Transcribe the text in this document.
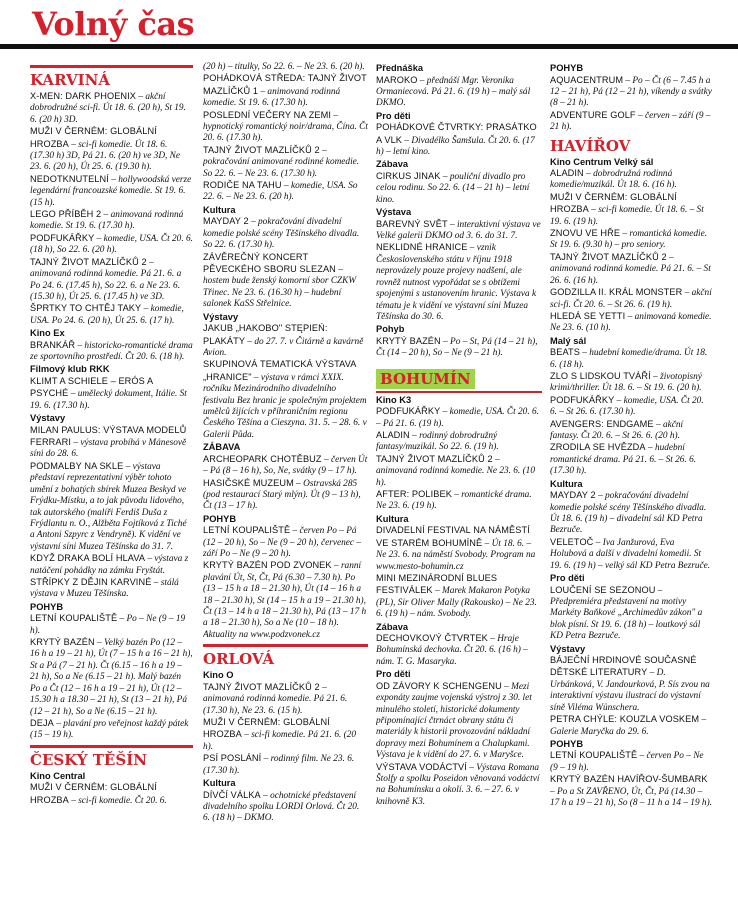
Volný čas
KARVINÁ

X-MEN: DARK PHOENIX – akční dobrodružné sci-fi. Út 18. 6. (20 h), St 19. 6. (20 h) 3D.

MUŽI V ČERNÉM: GLOBÁLNÍ HROZBA – sci-fi komedie. Út 18. 6. (17.30 h) 3D, Pá 21. 6. (20 h) ve 3D, Ne 23. 6. (20 h), Út 25. 6. (19.30 h).

NEDOTKNUTELNÍ – hollywoodská verze legendární francouzské komedie. St 19. 6. (15 h).

LEGO PŘÍBĚH 2 – animovaná rodinná komedie. St 19. 6. (17.30 h).

PODFUKÁŘKY – komedie, USA. Čt 20. 6. (18 h), So 22. 6. (20 h).

TAJNÝ ŽIVOT MAZLÍČKŮ 2 – animovaná rodinná komedie. Pá 21. 6. a Po 24. 6. (17.45 h), So 22. 6. a Ne 23. 6. (15.30 h), Út 25. 6. (17.45 h) ve 3D.

ŠPRTKY TO CHTĚJ TAKY – komedie, USA. Po 24. 6. (20 h), Út 25. 6. (17 h).

Kino Ex

BRANKÁŘ – historicko-romantické drama ze sportovního prostředí. Čt 20. 6. (18 h).

Filmový klub RKK

KLIMT A SCHIELE – ERÓS A PSYCHÉ – umělecký dokument, Itálie. St 19. 6. (17.30 h).

Výstavy

MILAN PAULUS: VÝSTAVA MODELŮ FERRARI – výstava probíhá v Mánesově síni do 28. 6.

PODMALBY NA SKLE – výstava představí reprezentativní výběr tohoto umění z bohatých sbírek Muzea Beskyd ve Frýdku-Místku, a to jak původu lidového, tak autorského (malíři Ferdiš Duša z Frýdlantu n. O., Alžběta Fojtíková z Tiché a Antoni Szpyrc z Vendryně). K vidění ve výstavní síni Muzea Těšínska do 31. 7.

KDYŽ DRAKA BOLÍ HLAVA – výstava z natáčení pohádky na zámku Fryštát.

STŘÍPKY Z DĚJIN KARVINÉ – stálá výstava v Muzeu Těšínska.

POHYB

LETNÍ KOUPALIŠTĚ – Po – Ne (9 – 19 h).

KRYTÝ BAZÉN – Velký bazén Po (12 – 16 h a 19 – 21 h), Út (7 – 15 h a 16 – 21 h), St a Pá (7 – 21 h). Čt (6.15 – 16 h a 19 – 21 h), So a Ne (6.15 – 21 h). Malý bazén Po a Čt (12 – 16 h a 19 – 21 h), Út (12 – 15.30 h a 18.30 – 21 h), St (13 – 21 h), Pá (12 – 21 h), So a Ne (6.15 – 21 h).

DEJA – plavání pro veřejnost každý pátek (15 – 19 h).

ČESKÝ TĚŠÍN
Kino Central

MUŽI V ČERNÉM: GLOBÁLNÍ HROZBA – sci-fi komedie. Čt 20. 6.

(20 h) – titulky, So 22. 6. – Ne 23. 6. (20 h).

POHÁDKOVÁ STŘEDA: TAJNÝ ŽIVOT MAZLÍČKŮ 1 – animovaná rodinná komedie. St 19. 6. (17.30 h).

POSLEDNÍ VEČERY NA ZEMI – hypnotický romantický noir/drama, Čína. Čt 20. 6. (17.30 h).

TAJNÝ ŽIVOT MAZLÍČKŮ 2 – pokračování animované rodinné komedie. So 22. 6. – Ne 23. 6. (17.30 h).

RODIČE NA TAHU – komedie, USA. So 22. 6. – Ne 23. 6. (20 h).

Kultura

MAYDAY 2 – pokračování divadelní komedie polské scény Těšínského divadla. So 22. 6. (17.30 h).

ZÁVĚREČNÝ KONCERT PĚVECKÉHO SBORU SLEZAN – hostem bude ženský komorní sbor CZKW Třinec. Ne 23. 6. (16.30 h) – hudební salonek KaSS Střelnice.

Výstavy

JAKUB „HAKOBO" STĘPIEŃ: PLAKÁTY – do 27. 7. v Čitárně a kavárně Avion.

SKUPINOVÁ TEMATICKÁ VÝSTAVA „HRANICE" – výstava v rámci XXIX. ročníku Mezinárodního divadelního festivalu Bez hranic je společným projektem umělců žijících v příhraničním regionu Českého Těšína a Cieszyna. 31. 5. – 28. 6. v Galerii Půda.

ZÁBAVA

ARCHEOPARK CHOTĚBUZ – červen Út – Pá (8 – 16 h), So, Ne, svátky (9 – 17 h).

HASIČSKÉ MUZEUM – Ostravská 285 (pod restaurací Starý mlýn). Út (9 – 13 h), Čt (13 – 17 h).

POHYB

LETNÍ KOUPALIŠTĚ – červen Po – Pá (12 – 20 h), So – Ne (9 – 20 h), červenec – září Po – Ne (9 – 20 h).

KRYTÝ BAZÉN POD ZVONEK – ranní plavání Út, St, Čt, Pá (6.30 – 7.30 h). Po (13 – 15 h a 18 – 21.30 h), Út (14 – 16 h a 18 – 21.30 h), St (14 – 15 h a 19 – 21.30 h), Čt (13 – 14 h a 18 – 21.30 h), Pá (13 – 17 h a 18 – 21.30 h), So a Ne (10 – 18 h). Aktuality na www.podzvonek.cz

ORLOVÁ
Kino O

TAJNÝ ŽIVOT MAZLÍČKŮ 2 – animovaná rodinná komedie. Pá 21. 6. (17.30 h), Ne 23. 6. (15 h).

MUŽI V ČERNÉM: GLOBÁLNÍ HROZBA – sci-fi komedie. Pá 21. 6. (20 h).

PSÍ POSLÁNÍ – rodinný film. Ne 23. 6. (17.30 h).

Kultura

DÍVČÍ VÁLKA – ochotnické představení divadelního spolku LORDI Orlová. Čt 20. 6. (18 h) – DKMO.

Přednáška

MAROKO – přednáší Mgr. Veronika Ormaniecová. Pá 21. 6. (19 h) – malý sál DKMO.

Pro děti

POHÁDKOVÉ ČTVRTKY: PRASÁTKO A VLK – Divadélko Šamšula. Čt 20. 6. (17 h) – letní kino.

Zábava

CIRKUS JINAK – pouliční divadlo pro celou rodinu. So 22. 6. (14 – 21 h) – letní kino.

Výstava

BAREVNÝ SVĚT – interaktivní výstava ve Velké galerii DKMO od 3. 6. do 31. 7.

NEKLIDNÉ HRANICE – vznik Československého státu v říjnu 1918 neprovázely pouze projevy nadšení, ale rovněž nutnost vypořádat se s obtížemi spojenými s ustanovením hranic. Výstava k tématu je k vidění ve výstavní síni Muzea Těšínska do 30. 6.

Pohyb

KRYTÝ BAZÉN – Po – St, Pá (14 – 21 h), Čt (14 – 20 h), So – Ne (9 – 21 h).

BOHUMÍN
Kino K3

PODFUKÁŘKY – komedie, USA. Čt 20. 6. – Pá 21. 6. (19 h).

ALADIN – rodinný dobrodružný fantasy/muzikál. So 22. 6. (19 h).

TAJNÝ ŽIVOT MAZLÍČKŮ 2 – animovaná rodinná komedie. Ne 23. 6. (10 h).

AFTER: POLIBEK – romantické drama. Ne 23. 6. (19 h).

Kultura

DIVADELNÍ FESTIVAL NA NÁMĚSTÍ VE STARÉM BOHUMÍNĚ – Út 18. 6. – Ne 23. 6. na náměstí Svobody. Program na www.mesto-bohumin.cz

MINI MEZINÁRODNÍ BLUES FESTIVÁLEK – Marek Makaron Potyka (PL), Sir Oliver Mally (Rakousko) – Ne 23. 6. (19 h) – nám. Svobody.

Zábava

DECHOVKOVÝ ČTVRTEK – Hraje Bohumínská dechovka. Čt 20. 6. (16 h) – nám. T. G. Masaryka.

Pro děti

OD ZÁVORY K SCHENGENU – Mezi exponáty zaujme vojenská výstroj z 30. let minulého století, historické dokumenty připomínající čtrnáct obrany státu či materiály k historii provozování nákladní dopravy mezi Bohumínem a Chalupkami. Výstava je k vidění do 27. 6. v Maryšce.

VÝSTAVA VODÁCTVÍ – Výstava Romana Štolfy a spolku Poseidon věnovaná vodáctví na Bohumínsku a okolí. 3. 6. – 27. 6. v knihovně K3.

POHYB

AQUACENTRUM – Po – Čt (6 – 7.45 h a 12 – 21 h), Pá (12 – 21 h), víkendy a svátky (8 – 21 h).

ADVENTURE GOLF – červen – září (9 – 21 h).

HAVÍŘOV
Kino Centrum Velký sál

ALADIN – dobrodružná rodinná komedie/muzikál. Út 18. 6. (16 h).

MUŽI V ČERNÉM: GLOBÁLNÍ HROZBA – sci-fi komedie. Út 18. 6. – St 19. 6. (19 h).

ZNOVU VE HŘE – romantická komedie. St 19. 6. (9.30 h) – pro seniory.

TAJNÝ ŽIVOT MAZLÍČKŮ 2 – animovaná rodinná komedie. Pá 21. 6. – St 26. 6. (16 h).

GODZILLA II. KRÁL MONSTER – akční sci-fi. Čt 20. 6. – St 26. 6. (19 h).

HLEDÁ SE YETTI – animovaná komedie. Ne 23. 6. (10 h).

Malý sál

BEATS – hudební komedie/drama. Út 18. 6. (18 h).

ZLO S LIDSKOU TVÁŘÍ – životopisný krimi/thriller. Út 18. 6. – St 19. 6. (20 h).

PODFUKÁŘKY – komedie, USA. Čt 20. 6. – St 26. 6. (17.30 h).

AVENGERS: ENDGAME – akční fantasy. Čt 20. 6. – St 26. 6. (20 h).

ZRODILA SE HVĚZDA – hudební romantické drama. Pá 21. 6. – St 26. 6. (17.30 h).

Kultura

MAYDAY 2 – pokračování divadelní komedie polské scény Těšínského divadla. Út 18. 6. (19 h) – divadelní sál KD Petra Bezruče.

VELETOČ – Iva Janžurová, Eva Holubová a další v divadelní komedii. St 19. 6. (19 h) – velký sál KD Petra Bezruče.

Pro děti

LOUČENÍ SE SEZONOU – Předpremiéra představení na motivy Markéty Baňkové „Archimedův zákon" a blok písní. St 19. 6. (18 h) – loutkový sál KD Petra Bezruče.

Výstavy

BÁJEČNÍ HRDINOVÉ SOUČASNÉ DĚTSKÉ LITERATURY – D. Urbánková, V. Jandourková, P. Sís zvou na interaktivní výstavu ilustrací do výstavní síně Viléma Wünschera.

PETRA CHÝLE: KOUZLA VOSKEM – Galerie Maryčka do 29. 6.

POHYB

LETNÍ KOUPALIŠTĚ – červen Po – Ne (9 – 19 h).

KRYTÝ BAZÉN HAVÍŘOV-ŠUMBARK – Po a St ZAVŘENO, Út, Čt, Pá (14.30 – 17 h a 19 – 21 h), So (8 – 11 h a 14 – 19 h).
